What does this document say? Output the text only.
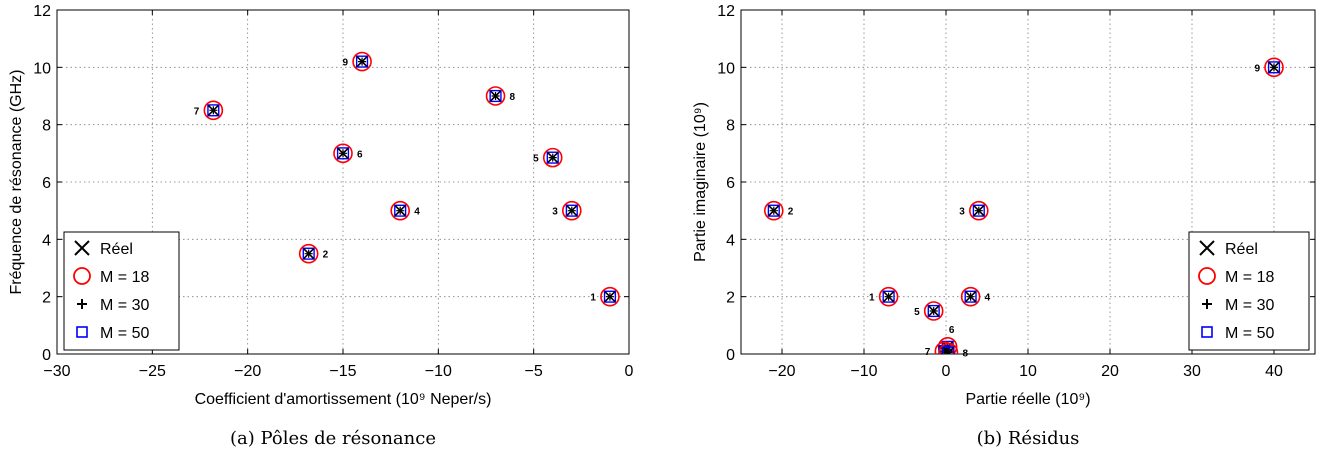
−30	−25	−20	−15	−10	−5	0
0
2
4
6
8
10
12
Coefficient d'amortissement (10⁹ Neper/s)
Fréquence de résonance (GHz)
1
2
3
4
5
6
7
8
9
Réel
M = 18
M = 30
M = 50
(a) Pôles de résonance
−20	−10	0	10	20	30	40
0
2
4
6
8
10
12
Partie réelle (10⁹)
Partie imaginaire (10⁹)
1
2	3
4
5
6
7	8
9
Réel
M = 18
M = 30
M = 50
(b) Résidus
